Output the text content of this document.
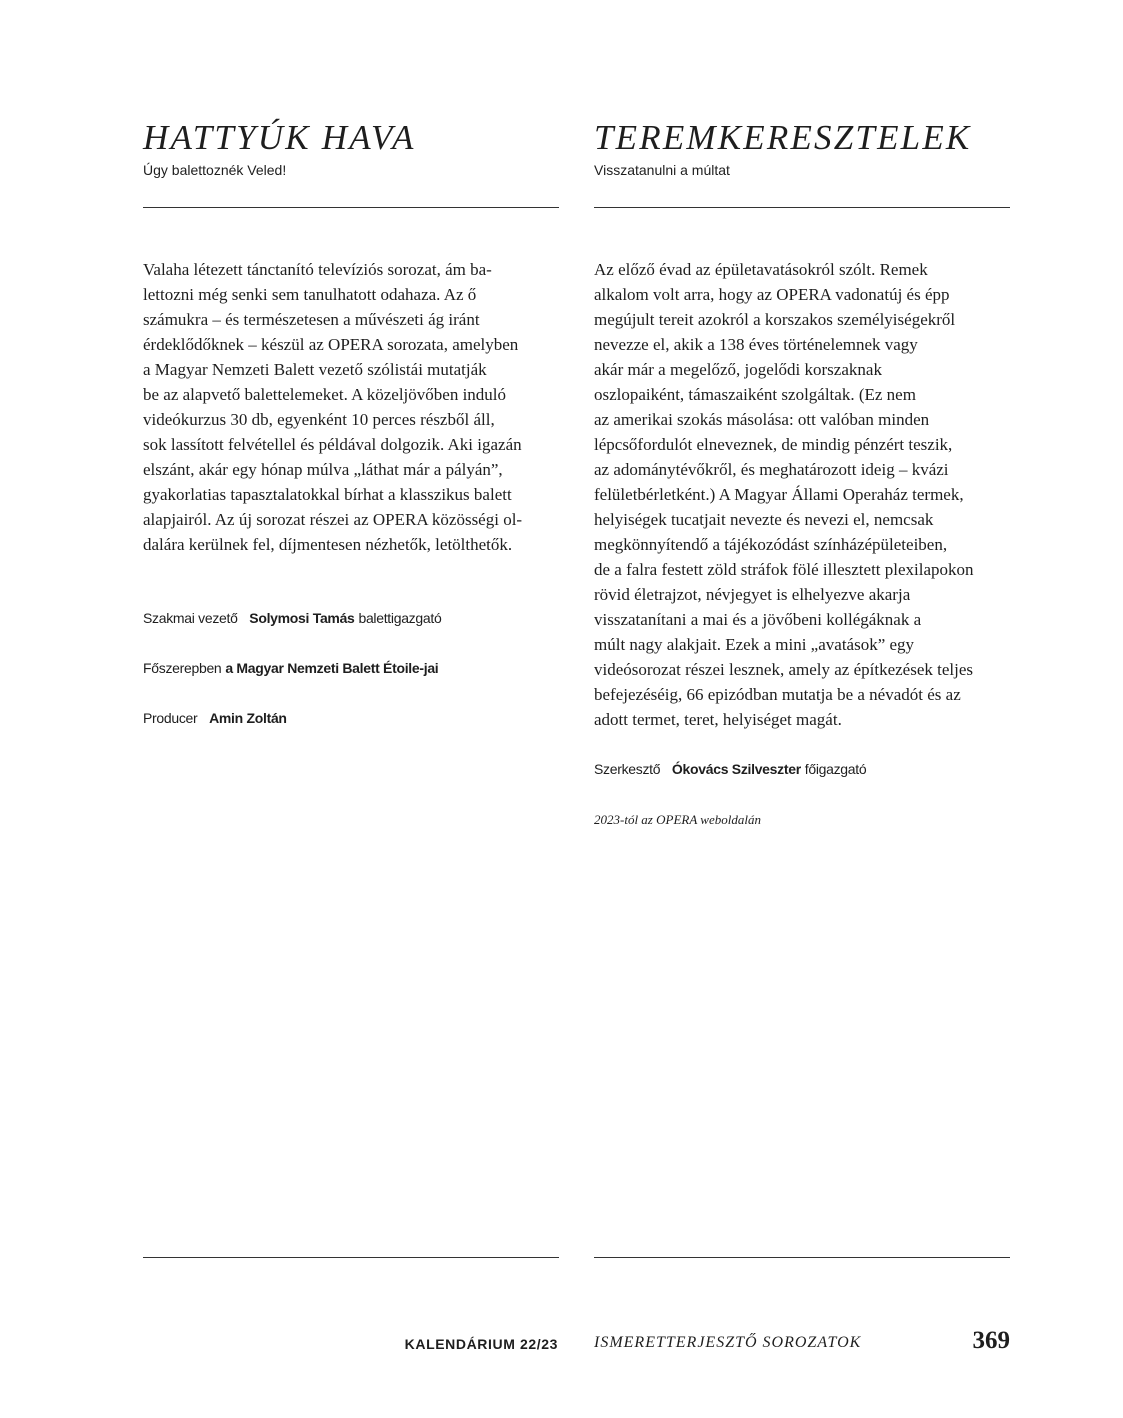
HATTYÚK HAVA
Úgy balettoznék Veled!
Valaha létezett tánctanító televíziós sorozat, ám ba-
lettozni még senki sem tanulhatott odahaza. Az ő
számukra – és természetesen a művészeti ág iránt
érdeklődőknek – készül az OPERA sorozata, amelyben
a Magyar Nemzeti Balett vezető szólistái mutatják
be az alapvető balettelemeket. A közeljövőben induló
videókurzus 30 db, egyenként 10 perces részből áll,
sok lassított felvétellel és példával dolgozik. Aki igazán
elszánt, akár egy hónap múlva „láthat már a pályán”,
gyakorlatias tapasztalatokkal bírhat a klasszikus balett
alapjairól. Az új sorozat részei az OPERA közösségi ol-
dalára kerülnek fel, díjmentesen nézhetők, letölthetők.
Szakmai vezető Solymosi Tamás balettigazgató
Főszerepben a Magyar Nemzeti Balett Étoile-jai
Producer Amin Zoltán
TEREMKERESZTELEK
Visszatanulni a múltat
Az előző évad az épületavatásokról szólt. Remek
alkalom volt arra, hogy az OPERA vadonatúj és épp
megújult tereit azokról a korszakos személyiségekről
nevezze el, akik a 138 éves történelemnek vagy
akár már a megelőző, jogelődi korszaknak
oszlopaiként, támaszaiként szolgáltak. (Ez nem
az amerikai szokás másolása: ott valóban minden
lépcsőfordulót elneveznek, de mindig pénzért teszik,
az adománytévőkről, és meghatározott ideig – kvázi
felületbérletként.) A Magyar Állami Operaház termek,
helyiségek tucatjait nevezte és nevezi el, nemcsak
megkönnyítendő a tájékozódást színházépületeiben,
de a falra festett zöld stráfok fölé illesztett plexilapokon
rövid életrajzot, névjegyet is elhelyezve akarja
visszatanítani a mai és a jövőbeni kollégáknak a
múlt nagy alakjait. Ezek a mini „avatások” egy
videósorozat részei lesznek, amely az építkezések teljes
befejezéséig, 66 epizódban mutatja be a névadót és az
adott termet, teret, helyiséget magát.
Szerkesztő Ókovács Szilveszter főigazgató
2023-tól az OPERA weboldalán
KALENDÁRIUM 22/23 ISMERETTERJESZTŐ SOROZATOK	369
